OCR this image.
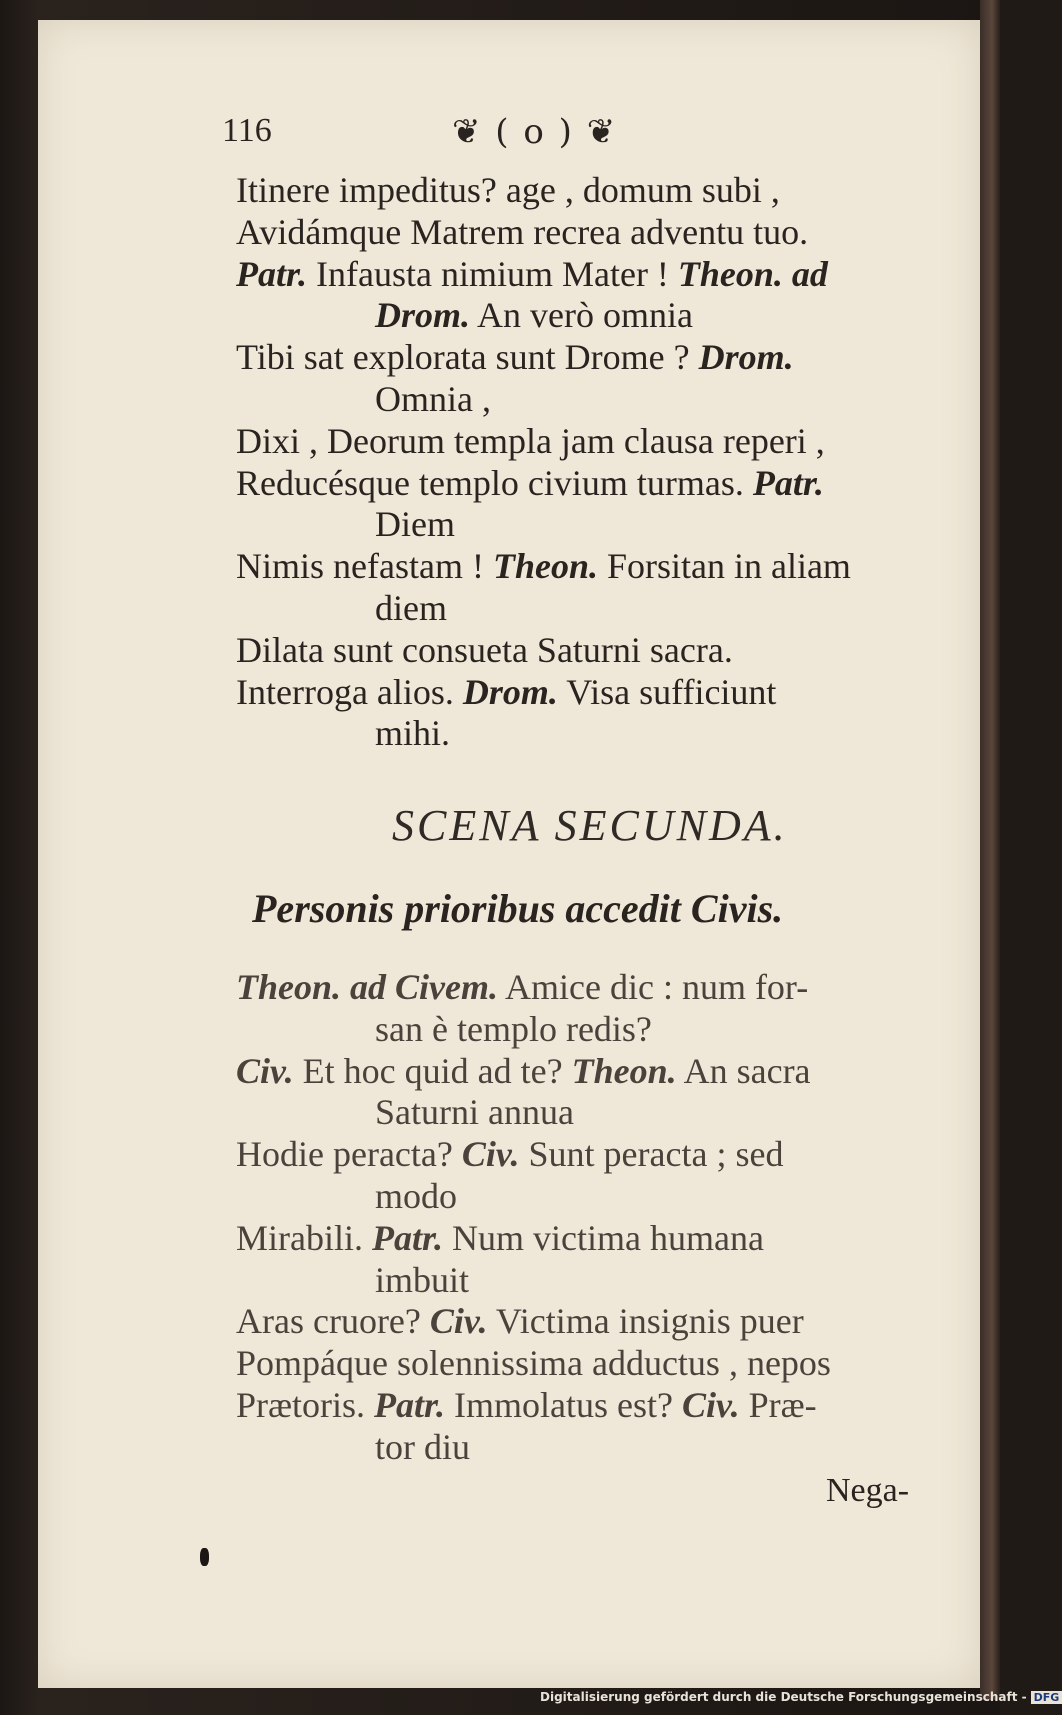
116	❦ ( o ) ❦
Itinere impeditus? age , domum subi ,
Avidámque Matrem recrea adventu tuo.
Patr. Infausta nimium Mater ! Theon. ad
Drom. An verò omnia
Tibi sat explorata sunt Drome ? Drom.
Omnia ,
Dixi , Deorum templa jam clausa reperi ,
Reducésque templo civium turmas. Patr.
Diem
Nimis nefastam ! Theon. Forsitan in aliam
diem
Dilata sunt consueta Saturni sacra.
Interroga alios. Drom. Visa sufficiunt
mihi.
SCENA SECUNDA.
Personis prioribus accedit Civis.
Theon. ad Civem. Amice dic : num for-
san è templo redis?
Civ. Et hoc quid ad te? Theon. An sacra
Saturni annua
Hodie peracta? Civ. Sunt peracta ; sed
modo
Mirabili. Patr. Num victima humana
imbuit
Aras cruore? Civ. Victima insignis puer
Pompáque solennissima adductus , nepos
Prætoris. Patr. Immolatus est? Civ. Præ-
tor diu
Nega-
Digitalisierung gefördert durch die Deutsche Forschungsgemeinschaft - DFG
